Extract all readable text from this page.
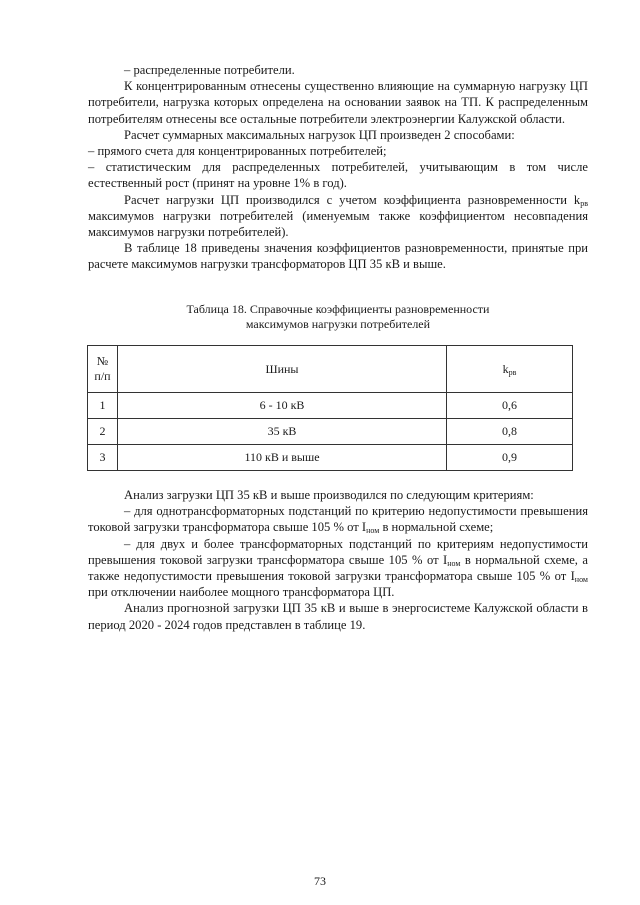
– распределенные потребители.

К концентрированным отнесены существенно влияющие на суммарную нагрузку ЦП потребители, нагрузка которых определена на основании заявок на ТП. К распределенным потребителям отнесены все остальные потребители электроэнергии Калужской области.

Расчет суммарных максимальных нагрузок ЦП произведен 2 способами:

– прямого счета для концентрированных потребителей;

– статистическим для распределенных потребителей, учитывающим в том числе естественный рост (принят на уровне 1% в год).

Расчет нагрузки ЦП производился с учетом коэффициента разновременности $k_{рв}$ максимумов нагрузки потребителей (именуемым также коэффициентом несовпадения максимумов нагрузки потребителей).

В таблице 18 приведены значения коэффициентов разновременности, принятые при расчете максимумов нагрузки трансформаторов ЦП 35 кВ и выше.

Таблица 18. Справочные коэффициенты разновременности
максимумов нагрузки потребителей
№
п/п	Шины	$k_{рв}$
1	6 - 10 кВ	0,6
2	35 кВ	0,8
3	110 кВ и выше	0,9

Анализ загрузки ЦП 35 кВ и выше производился по следующим критериям:

– для однотрансформаторных подстанций по критерию недопустимости превышения токовой загрузки трансформатора свыше 105 % от $I_{ном}$ в нормальной схеме;

– для двух и более трансформаторных подстанций по критериям недопустимости превышения токовой загрузки трансформатора свыше 105 % от $I_{ном}$ в нормальной схеме, а также недопустимости превышения токовой загрузки трансформатора свыше 105 % от $I_{ном}$ при отключении наиболее мощного трансформатора ЦП.

Анализ прогнозной загрузки ЦП 35 кВ и выше в энергосистеме Калужской области в период 2020 - 2024 годов представлен в таблице 19.

73
